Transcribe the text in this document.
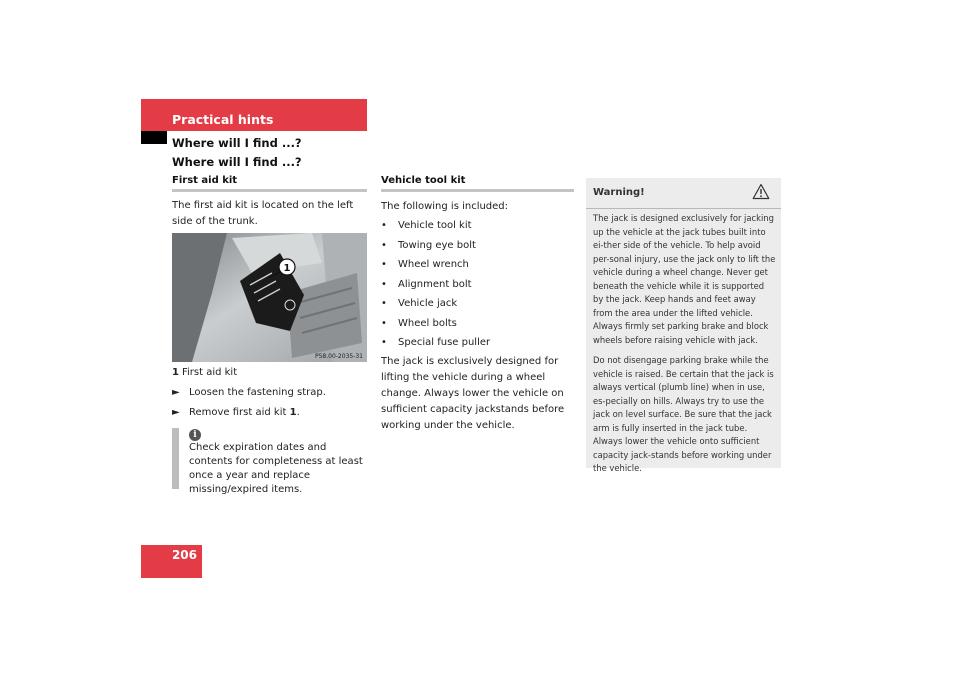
Practical hints
Where will I find ...?
Where will I find ...?
First aid kit
The first aid kit is located on the left side of the trunk.
1
P58.00-2035-31
1 First aid kit
► Loosen the fastening strap.
► Remove first aid kit 1.
i
Check expiration dates and contents for completeness at least once a year and replace missing/expired items.
Vehicle tool kit
The following is included:
•	Vehicle tool kit
•	Towing eye bolt
•	Wheel wrench
•	Alignment bolt
•	Vehicle jack
•	Wheel bolts
•	Special fuse puller
The jack is exclusively designed for lifting the vehicle during a wheel change. Always lower the vehicle on sufficient capacity jackstands before working under the vehicle.
Warning!
The jack is designed exclusively for jacking up the vehicle at the jack tubes built into ei-ther side of the vehicle. To help avoid per-sonal injury, use the jack only to lift the vehicle during a wheel change. Never get beneath the vehicle while it is supported by the jack. Keep hands and feet away from the area under the lifted vehicle. Always firmly set parking brake and block wheels before raising vehicle with jack.
Do not disengage parking brake while the vehicle is raised. Be certain that the jack is always vertical (plumb line) when in use, es-pecially on hills. Always try to use the jack on level surface. Be sure that the jack arm is fully inserted in the jack tube. Always lower the vehicle onto sufficient capacity jack-stands before working under the vehicle.
206
